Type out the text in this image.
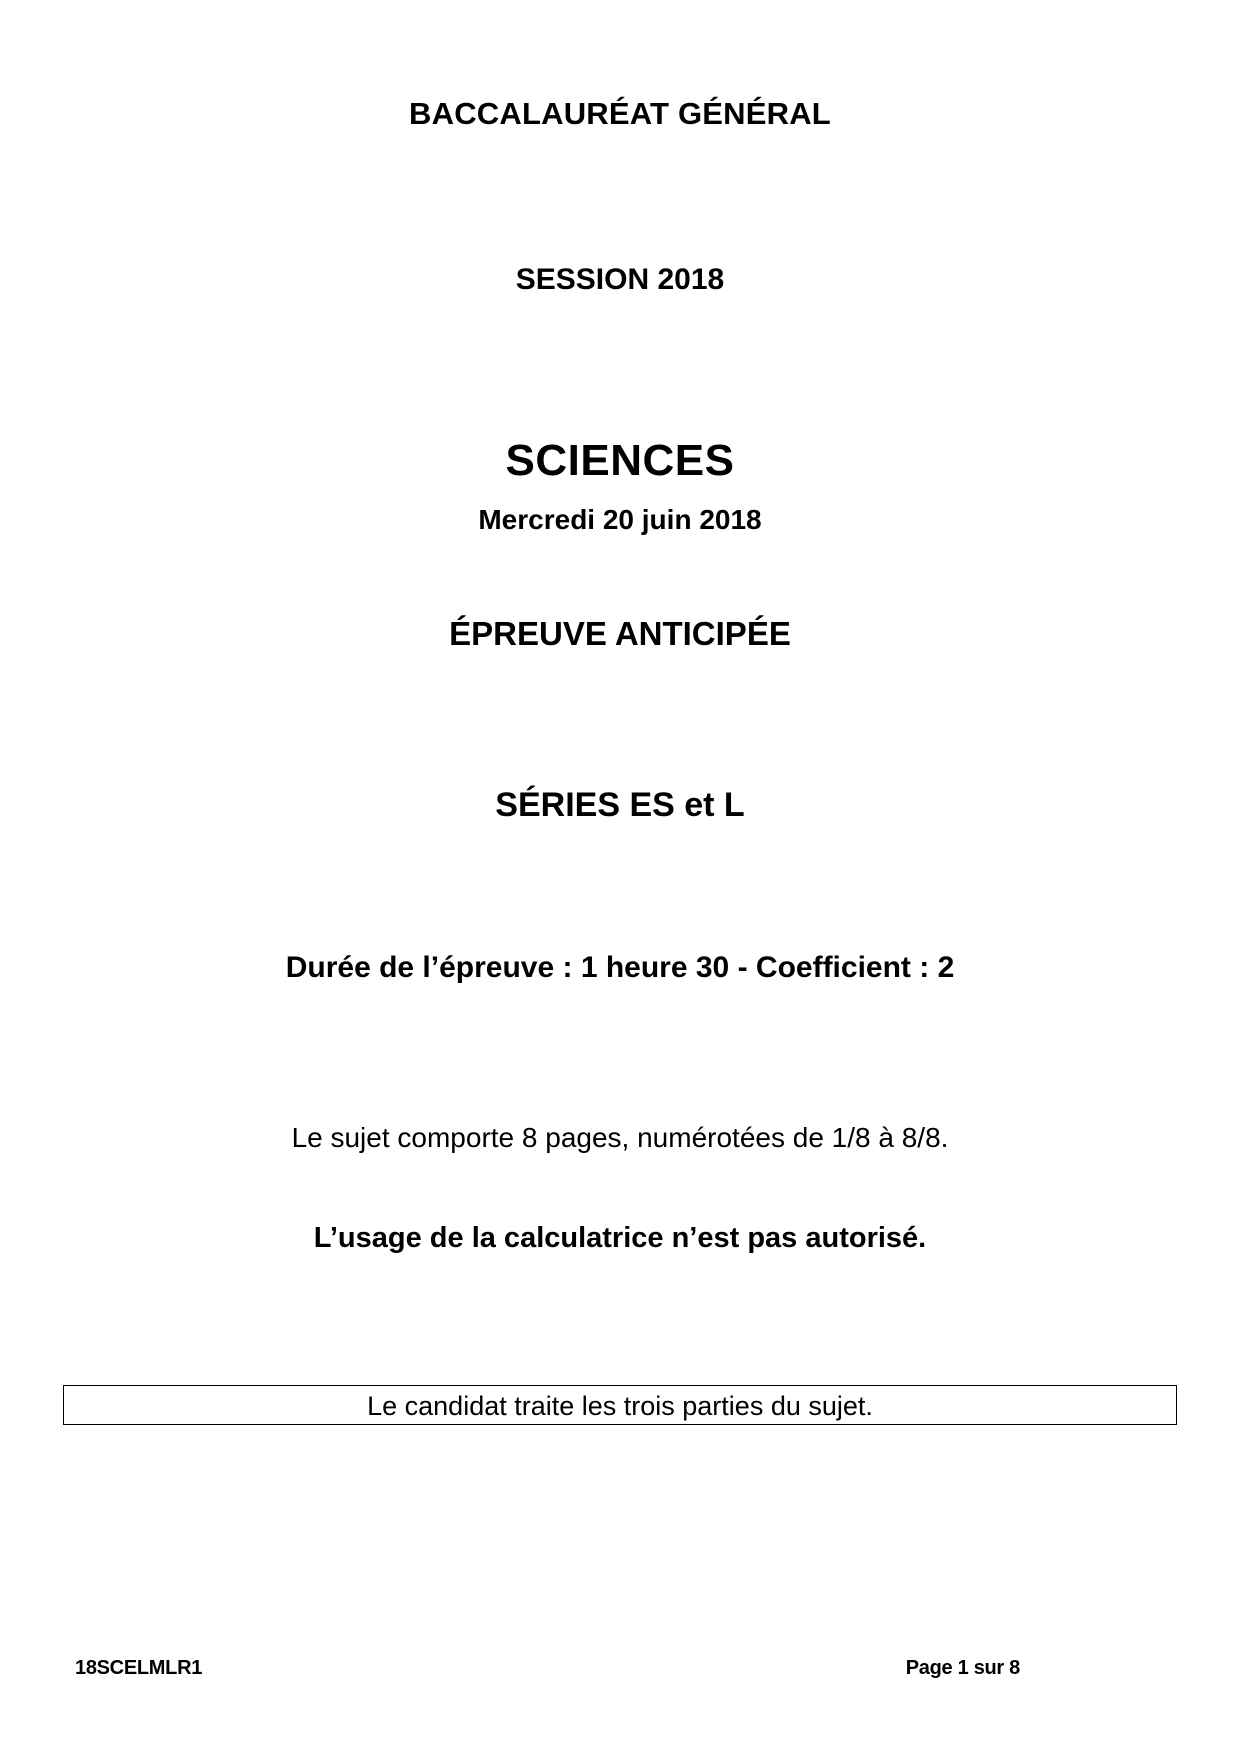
BACCALAURÉAT GÉNÉRAL
SESSION 2018
SCIENCES
Mercredi 20 juin 2018
ÉPREUVE ANTICIPÉE
SÉRIES ES et L
Durée de l’épreuve : 1 heure 30 - Coefficient : 2
Le sujet comporte 8 pages, numérotées de 1/8 à 8/8.
L’usage de la calculatrice n’est pas autorisé.
Le candidat traite les trois parties du sujet.
18SCELMLR1	Page 1 sur 8
